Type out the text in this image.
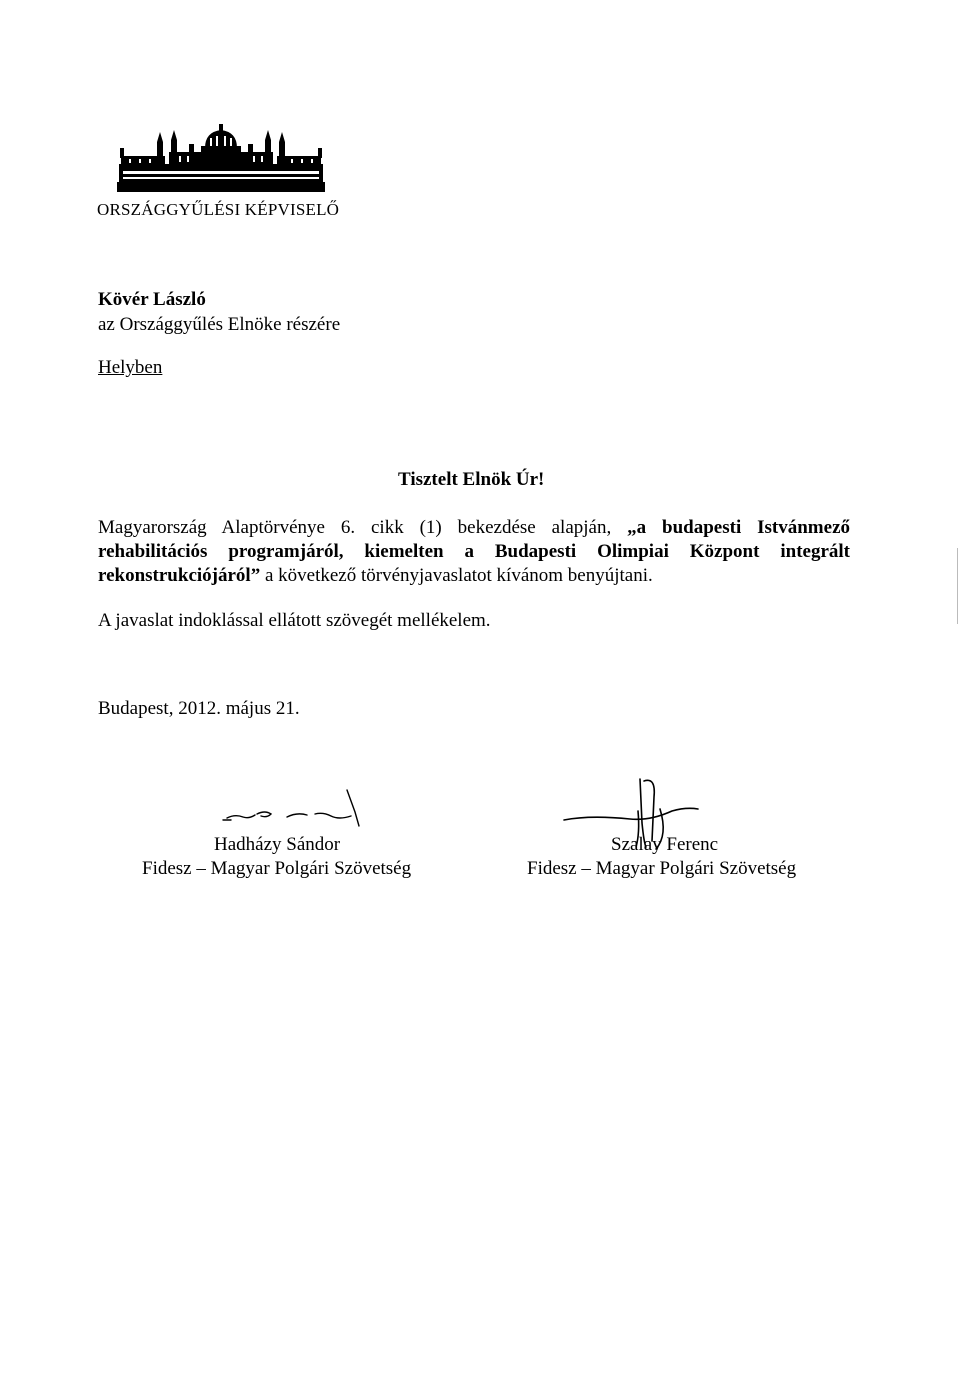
ORSZÁGGYŰLÉSI KÉPVISELŐ
Kövér László
az Országgyűlés Elnöke részére
Helyben
Tisztelt Elnök Úr!
Magyarország Alaptörvénye 6. cikk (1) bekezdése alapján, „a budapesti Istvánmező rehabilitációs programjáról, kiemelten a Budapesti Olimpiai Központ integrált rekonstrukciójáról” a következő törvényjavaslatot kívánom benyújtani.
A javaslat indoklással ellátott szövegét mellékelem.
Budapest, 2012. május 21.
Hadházy Sándor
Fidesz – Magyar Polgári Szövetség
Szalay Ferenc
Fidesz – Magyar Polgári Szövetség
